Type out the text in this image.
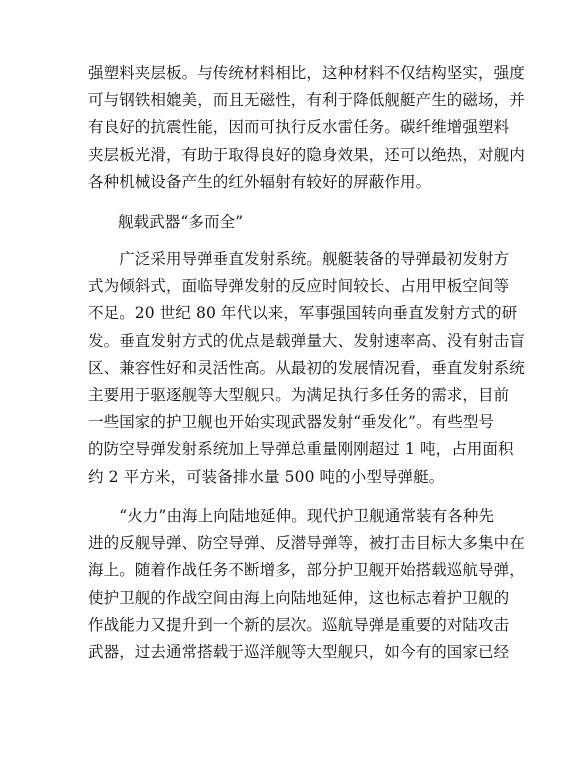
强塑料夹层板。与传统材料相比，这种材料不仅结构坚实，强度
可与钢铁相媲美，而且无磁性，有利于降低舰艇产生的磁场，并
有良好的抗震性能，因而可执行反水雷任务。碳纤维增强塑料
夹层板光滑，有助于取得良好的隐身效果，还可以绝热，对舰内
各种机械设备产生的红外辐射有较好的屏蔽作用。
舰载武器“多而全”
　　广泛采用导弹垂直发射系统。舰艇装备的导弹最初发射方
式为倾斜式，面临导弹发射的反应时间较长、占用甲板空间等
不足。20 世纪 80 年代以来，军事强国转向垂直发射方式的研
发。垂直发射方式的优点是载弹量大、发射速率高、没有射击盲
区、兼容性好和灵活性高。从最初的发展情况看，垂直发射系统
主要用于驱逐舰等大型舰只。为满足执行多任务的需求，目前
一些国家的护卫舰也开始实现武器发射“垂发化”。有些型号
的防空导弹发射系统加上导弹总重量刚刚超过 1 吨，占用面积
约 2 平方米，可装备排水量 500 吨的小型导弹艇。
　　“火力”由海上向陆地延伸。现代护卫舰通常装有各种先
进的反舰导弹、防空导弹、反潜导弹等，被打击目标大多集中在
海上。随着作战任务不断增多，部分护卫舰开始搭载巡航导弹，
使护卫舰的作战空间由海上向陆地延伸，这也标志着护卫舰的
作战能力又提升到一个新的层次。巡航导弹是重要的对陆攻击
武器，过去通常搭载于巡洋舰等大型舰只，如今有的国家已经
